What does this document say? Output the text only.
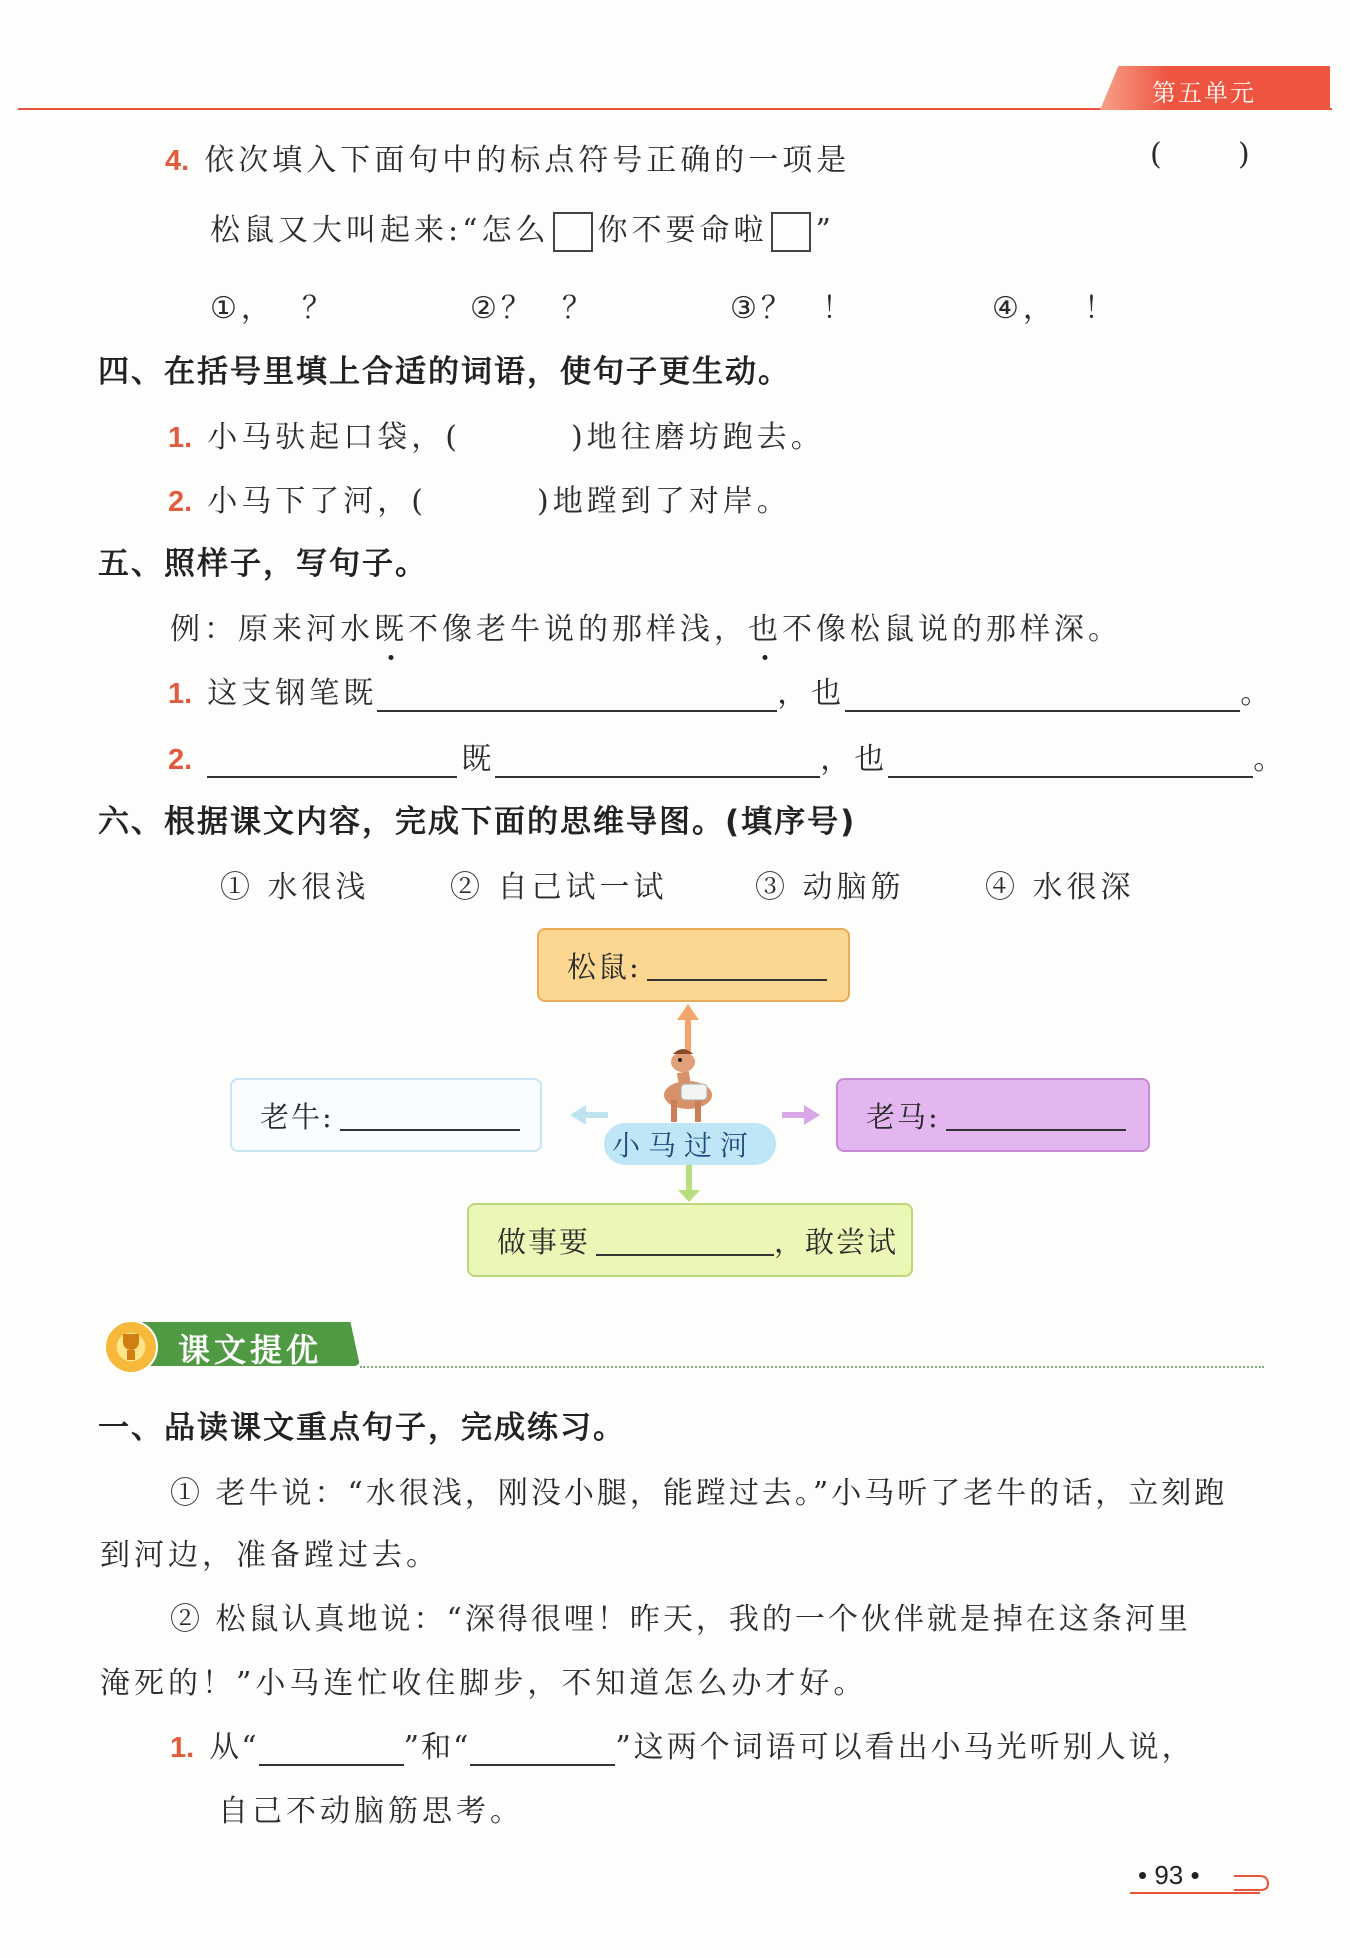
第五单元
4. 依次填入下面句中的标点符号正确的一项是	(        )
松鼠又大叫起来:“怎么 你不要命啦 ”
①，  ？	②？  ？	③？  ！	④，  ！
四、在括号里填上合适的词语，使句子更生动。
1. 小马驮起口袋，(	)地往磨坊跑去。
2. 小马下了河，(	)地蹚到了对岸。
五、照样子，写句子。
例：原来河水既不像老牛说的那样浅，也不像松鼠说的那样深。
1. 这支钢笔既	，也	。
2.	既	，也	。
六、根据课文内容，完成下面的思维导图。(填序号)
① 水很浅	② 自己试一试	③ 动脑筋	④ 水很深
松鼠:
老牛:	老马:
做事要	，敢尝试
小马过河
课文提优
一、品读课文重点句子，完成练习。
① 老牛说：“水很浅，刚没小腿，能蹚过去。”小马听了老牛的话，立刻跑
到河边，准备蹚过去。
② 松鼠认真地说：“深得很哩！昨天，我的一个伙伴就是掉在这条河里
淹死的！”小马连忙收住脚步，不知道怎么办才好。
1. 从“	”和“	”这两个词语可以看出小马光听别人说，
自己不动脑筋思考。
• 93 •
